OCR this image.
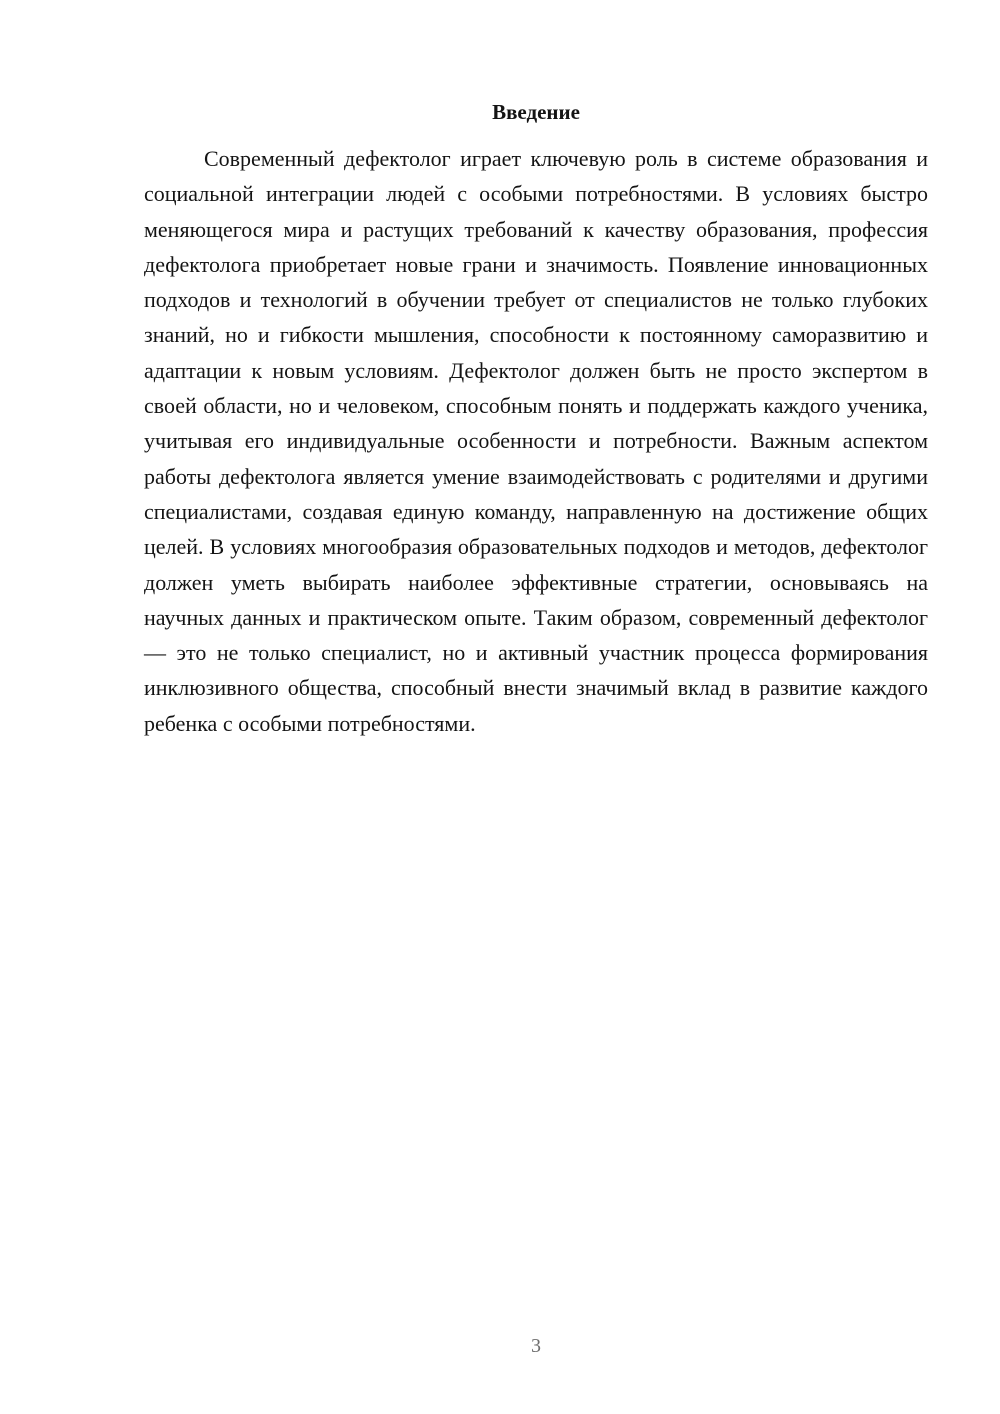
Введение

Современный дефектолог играет ключевую роль в системе образования и социальной интеграции людей с особыми потребностями. В условиях быстро меняющегося мира и растущих требований к качеству образования, профессия дефектолога приобретает новые грани и значимость. Появление инновационных подходов и технологий в обучении требует от специалистов не только глубоких знаний, но и гибкости мышления, способности к постоянному саморазвитию и адаптации к новым условиям. Дефектолог должен быть не просто экспертом в своей области, но и человеком, способным понять и поддержать каждого ученика, учитывая его индивидуальные особенности и потребности. Важным аспектом работы дефектолога является умение взаимодействовать с родителями и другими специалистами, создавая единую команду, направленную на достижение общих целей. В условиях многообразия образовательных подходов и методов, дефектолог должен уметь выбирать наиболее эффективные стратегии, основываясь на научных данных и практическом опыте. Таким образом, современный дефектолог — это не только специалист, но и активный участник процесса формирования инклюзивного общества, способный внести значимый вклад в развитие каждого ребенка с особыми потребностями.

3
